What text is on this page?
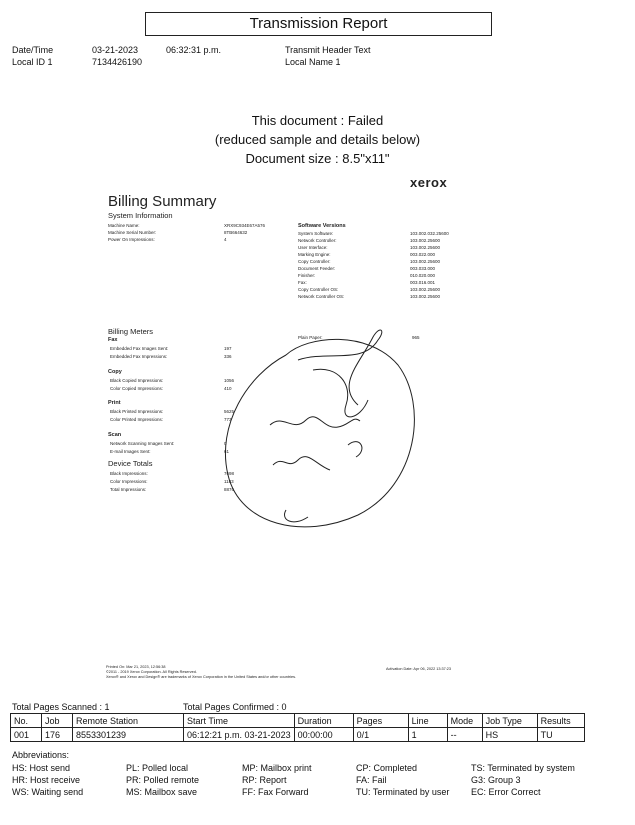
Transmission Report
Date/Time	03-21-2023	06:32:31 p.m.	Transmit Header Text
Local ID 1	7134426190	Local Name 1
This document : Failed
(reduced sample and details below)
Document size : 8.5"x11"
xerox
Billing Summary
System Information
Machine Name:	XRX9C934E67A576
Machine Serial Number:	8TB664632
Power On Impressions:	4
Software Versions
System Software:	103.002.032.25600
Network Controller:	103.002.25600
User Interface:	103.002.25600
Marking Engine:	003.022.000
Copy Controller:	103.002.25600
Document Feeder:	003.033.000
Finisher:	010.020.000
Fax:	003.016.001
Copy Controller OS:	103.002.25600
Network Controller OS:	103.002.25600
Billing Meters
Plain Paper:	965
Fax
Embedded Fax Images Sent:	197
Embedded Fax Impressions:	336
Copy
Black Copied Impressions:	1056
Color Copied Impressions:	410
Print
Black Printed Impressions:	5625
Color Printed Impressions:	773
Scan
Network Scanning Images Sent:	0
E-mail Images Sent:	61
Device Totals
Black Impressions:	7698
Color Impressions:	1183
Total Impressions:	8876
Printed On: Mar 21, 2023, 12:56:38
©2011 - 2019 Xerox Corporation. All Rights Reserved.
Xerox® and Xerox and Design® are trademarks of Xerox Corporation in the United States and/or other countries.
Activation Date: Apr 06, 2022 13:37:23
Total Pages Scanned : 1	Total Pages Confirmed : 0
No.	Job	Remote Station	Start Time	Duration	Pages	Line	Mode	Job Type	Results
001	176	8553301239	06:12:21 p.m. 03-21-2023	00:00:00	0/1	1	--	HS	TU
Abbreviations:
HS: Host send
HR: Host receive
WS: Waiting send
PL: Polled local
PR: Polled remote
MS: Mailbox save
MP: Mailbox print
RP: Report
FF: Fax Forward
CP: Completed
FA: Fail
TU: Terminated by user
TS: Terminated by system
G3: Group 3
EC: Error Correct
